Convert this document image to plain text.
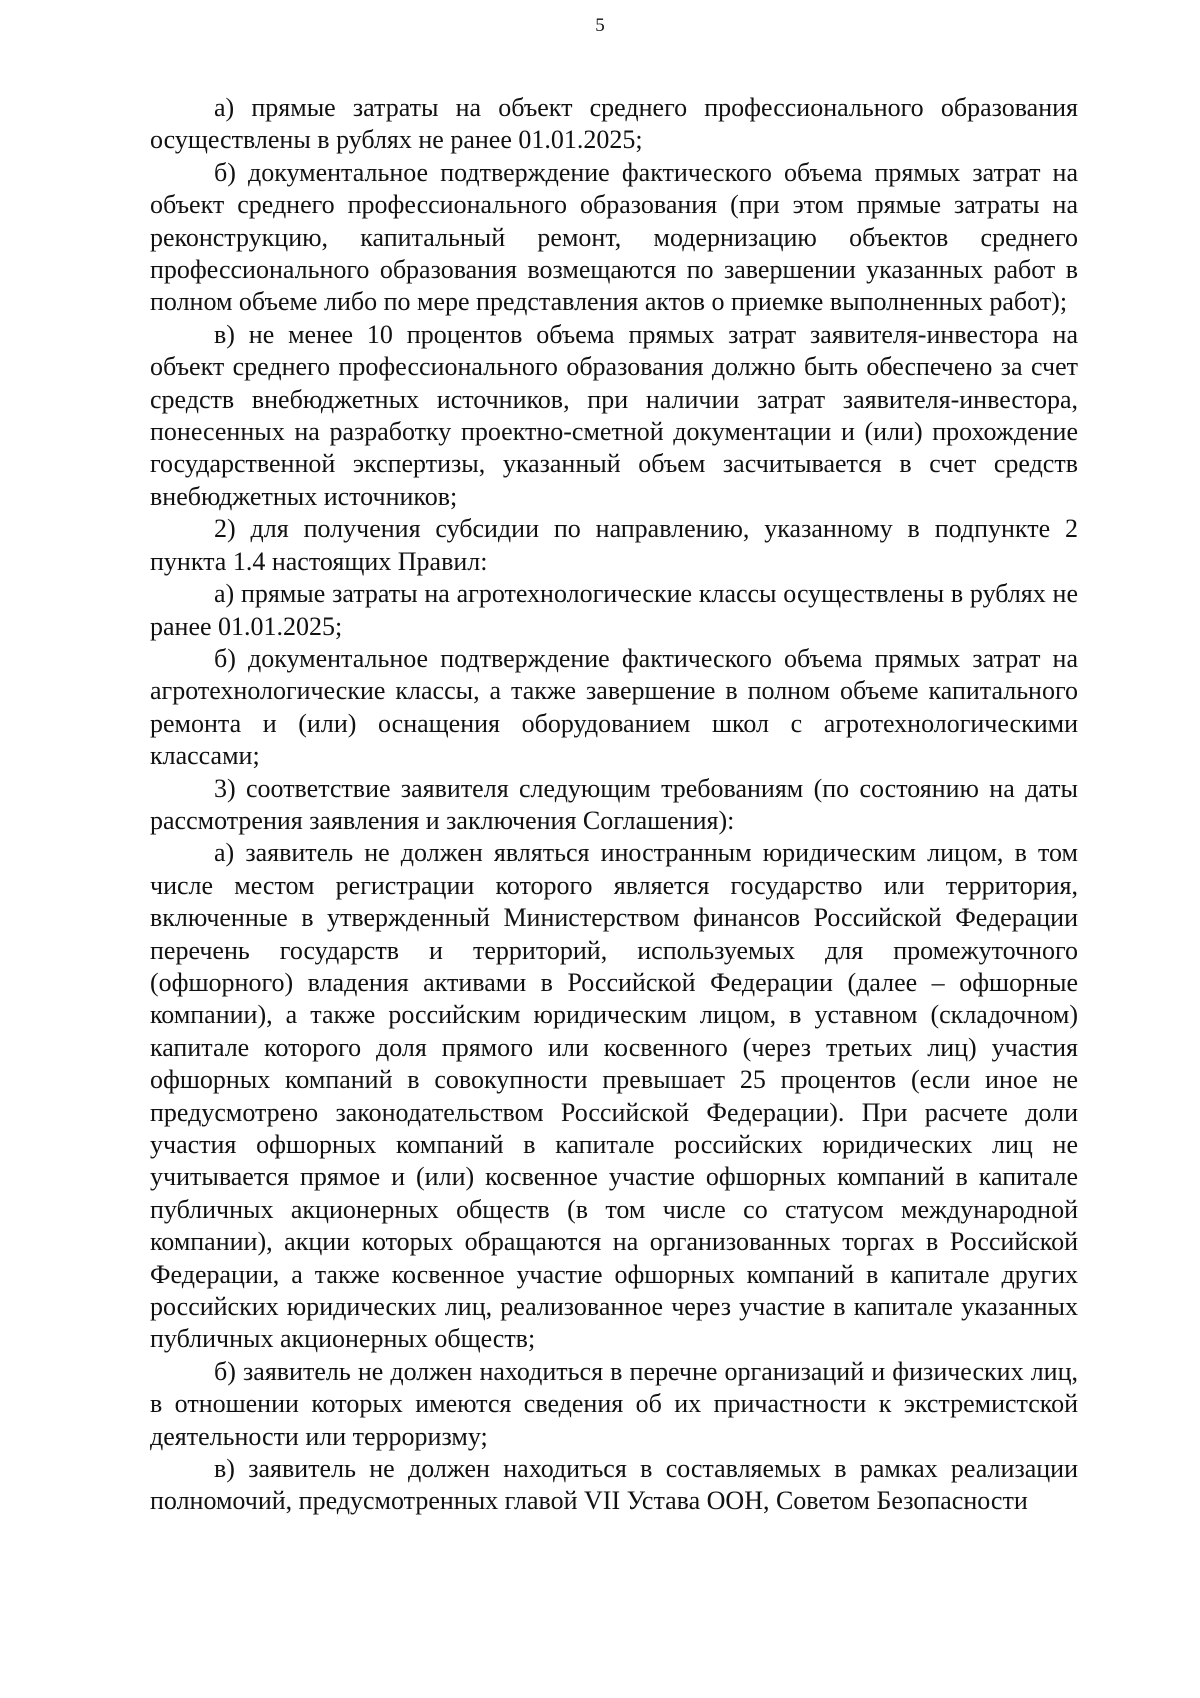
5

а) прямые затраты на объект среднего профессионального образования осуществлены в рублях не ранее 01.01.2025;

б) документальное подтверждение фактического объема прямых затрат на объект среднего профессионального образования (при этом прямые затраты на реконструкцию, капитальный ремонт, модернизацию объектов среднего профессионального образования возмещаются по завершении указанных работ в полном объеме либо по мере представления актов о приемке выполненных работ);

в) не менее 10 процентов объема прямых затрат заявителя-инвестора на объект среднего профессионального образования должно быть обеспечено за счет средств внебюджетных источников, при наличии затрат заявителя-инвестора, понесенных на разработку проектно-сметной документации и (или) прохождение государственной экспертизы, указанный объем засчитывается в счет средств внебюджетных источников;

2) для получения субсидии по направлению, указанному в подпункте 2 пункта 1.4 настоящих Правил:

а) прямые затраты на агротехнологические классы осуществлены в рублях не ранее 01.01.2025;

б) документальное подтверждение фактического объема прямых затрат на агротехнологические классы, а также завершение в полном объеме капитального ремонта и (или) оснащения оборудованием школ с агротехнологическими классами;

3) соответствие заявителя следующим требованиям (по состоянию на даты рассмотрения заявления и заключения Соглашения):

а) заявитель не должен являться иностранным юридическим лицом, в том числе местом регистрации которого является государство или территория, включенные в утвержденный Министерством финансов Российской Федерации перечень государств и территорий, используемых для промежуточного (офшорного) владения активами в Российской Федерации (далее – офшорные компании), а также российским юридическим лицом, в уставном (складочном) капитале которого доля прямого или косвенного (через третьих лиц) участия офшорных компаний в совокупности превышает 25 процентов (если иное не предусмотрено законодательством Российской Федерации). При расчете доли участия офшорных компаний в капитале российских юридических лиц не учитывается прямое и (или) косвенное участие офшорных компаний в капитале публичных акционерных обществ (в том числе со статусом международной компании), акции которых обращаются на организованных торгах в Российской Федерации, а также косвенное участие офшорных компаний в капитале других российских юридических лиц, реализованное через участие в капитале указанных публичных акционерных обществ;

б) заявитель не должен находиться в перечне организаций и физических лиц, в отношении которых имеются сведения об их причастности к экстремистской деятельности или терроризму;

в) заявитель не должен находиться в составляемых в рамках реализации полномочий, предусмотренных главой VII Устава ООН, Советом Безопасности
